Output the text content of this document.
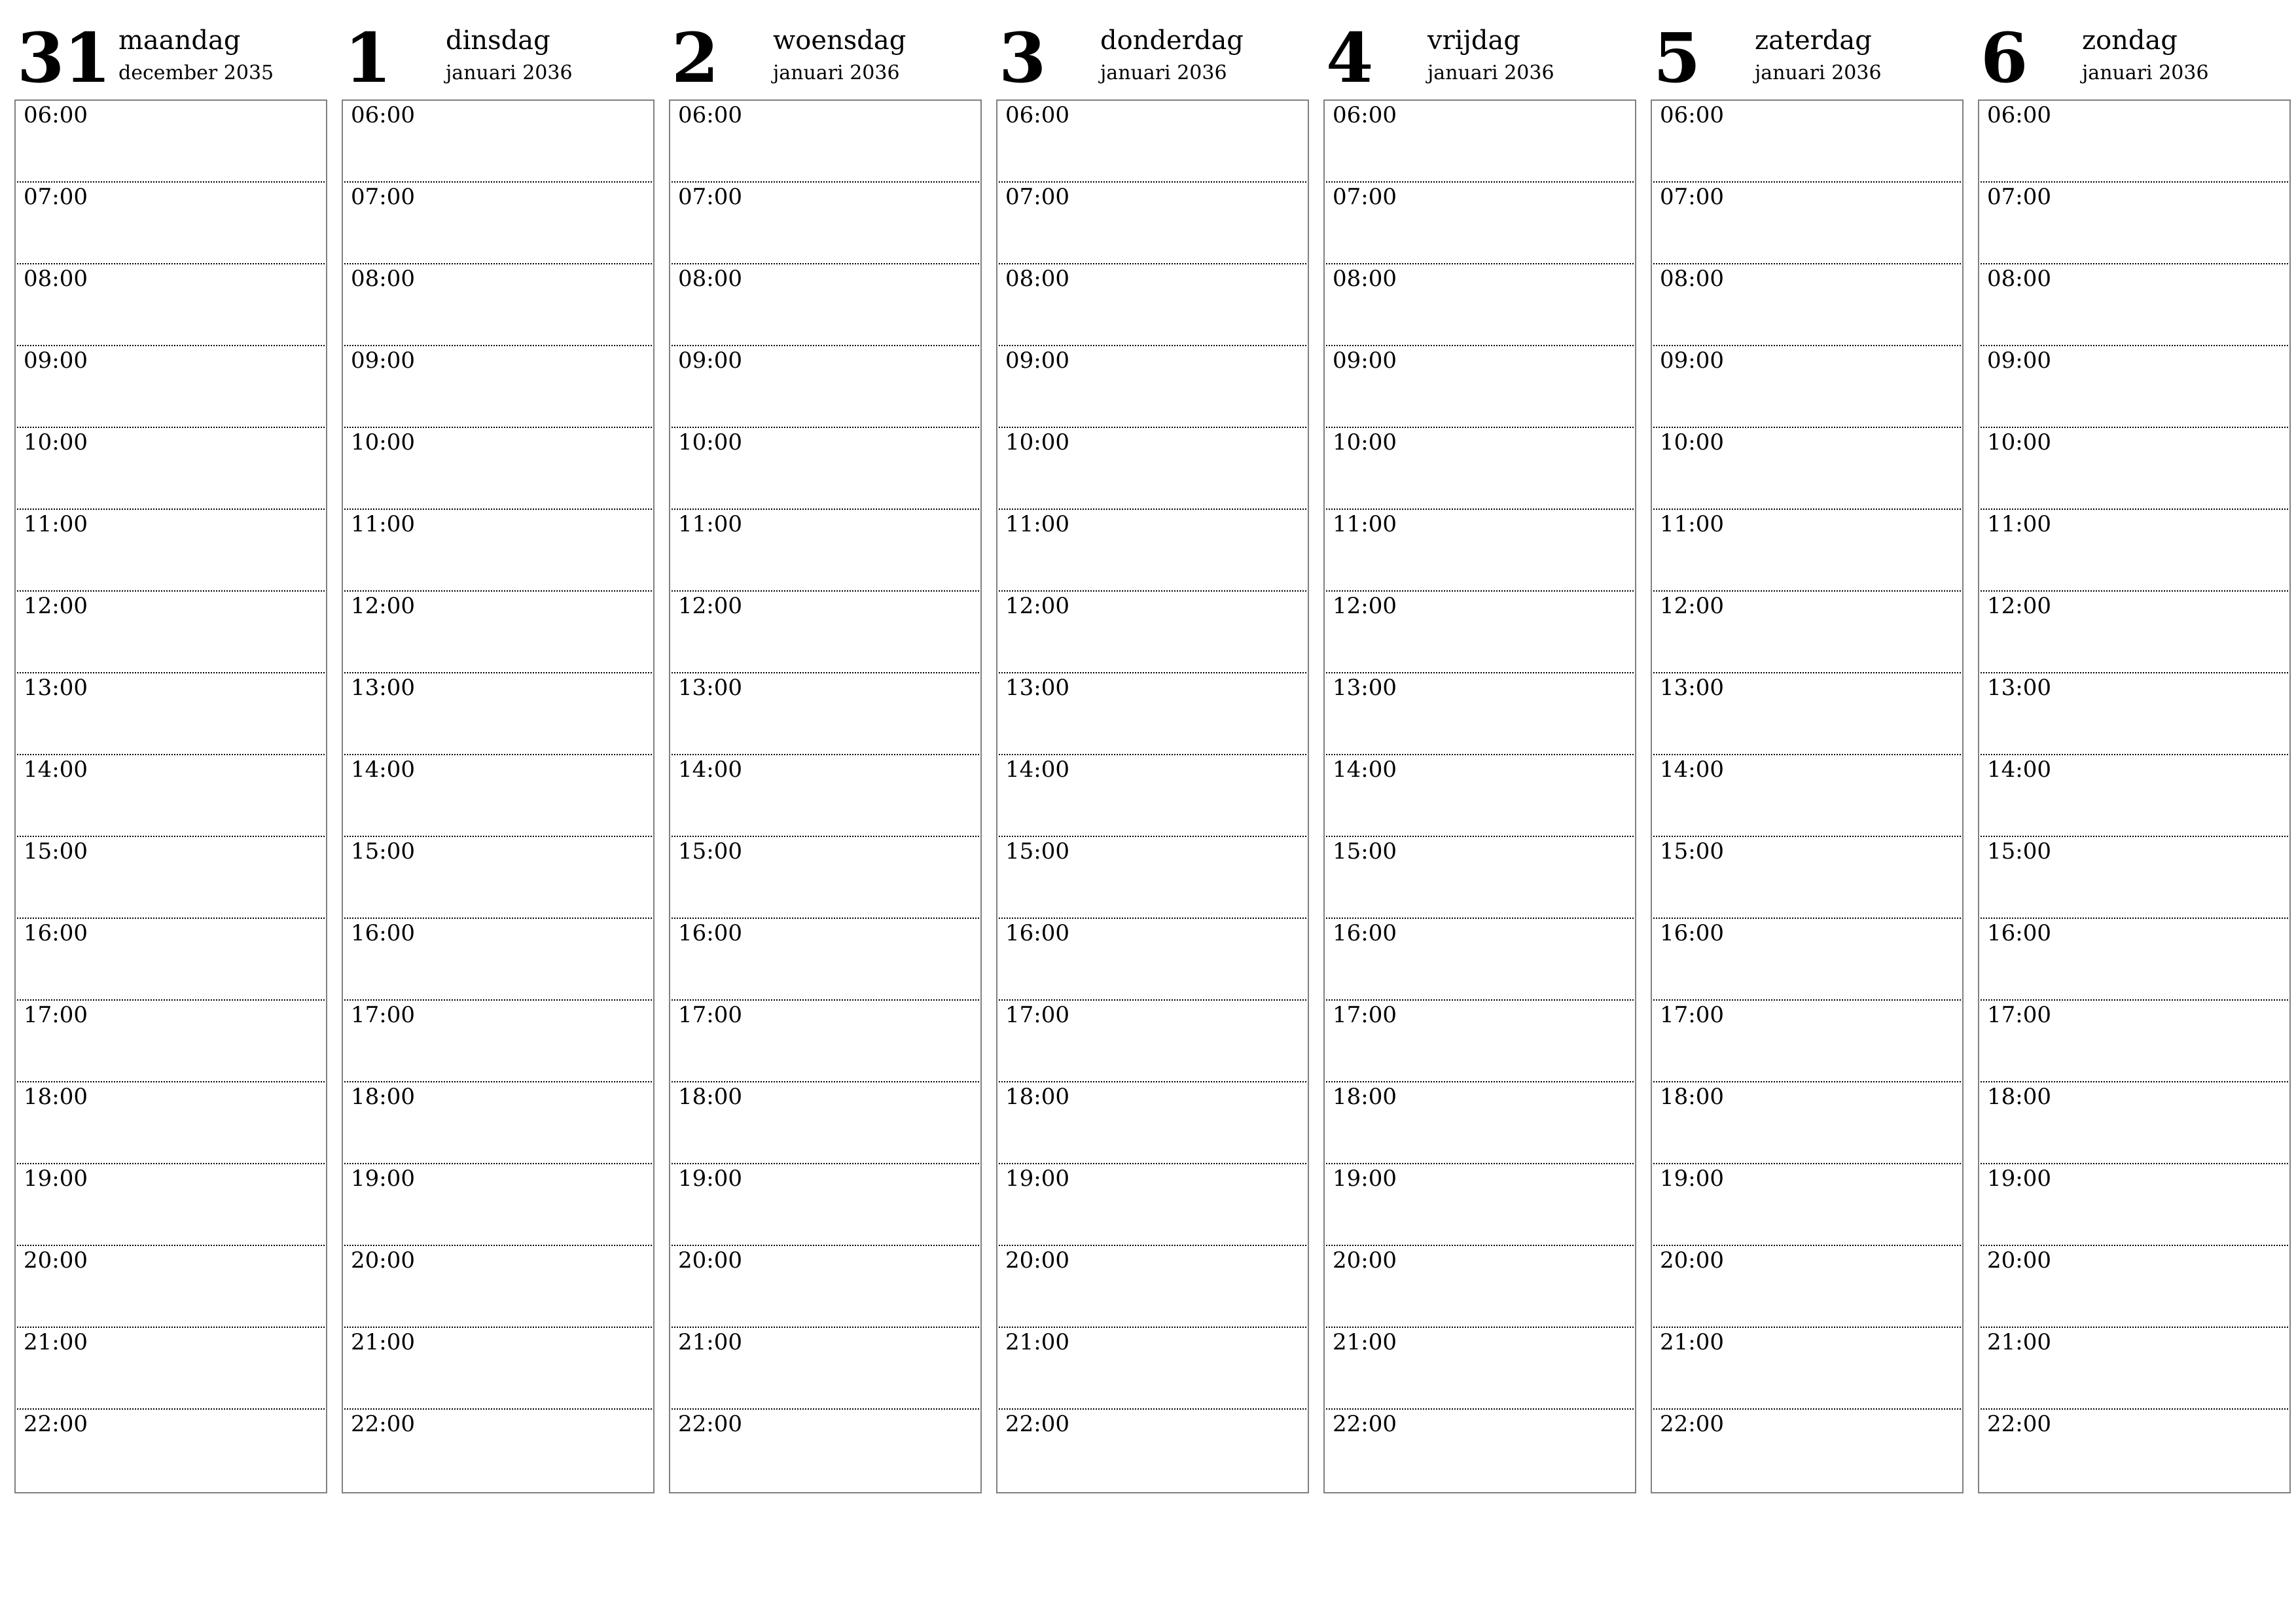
31 maandag
december 2035
06:00
07:00
08:00
09:00
10:00
11:00
12:00
13:00
14:00
15:00
16:00
17:00
18:00
19:00
20:00
21:00
22:00
1 dinsdag
januari 2036
06:00
07:00
08:00
09:00
10:00
11:00
12:00
13:00
14:00
15:00
16:00
17:00
18:00
19:00
20:00
21:00
22:00
2 woensdag
januari 2036
06:00
07:00
08:00
09:00
10:00
11:00
12:00
13:00
14:00
15:00
16:00
17:00
18:00
19:00
20:00
21:00
22:00
3 donderdag
januari 2036
06:00
07:00
08:00
09:00
10:00
11:00
12:00
13:00
14:00
15:00
16:00
17:00
18:00
19:00
20:00
21:00
22:00
4 vrijdag
januari 2036
06:00
07:00
08:00
09:00
10:00
11:00
12:00
13:00
14:00
15:00
16:00
17:00
18:00
19:00
20:00
21:00
22:00
5 zaterdag
januari 2036
06:00
07:00
08:00
09:00
10:00
11:00
12:00
13:00
14:00
15:00
16:00
17:00
18:00
19:00
20:00
21:00
22:00
6 zondag
januari 2036
06:00
07:00
08:00
09:00
10:00
11:00
12:00
13:00
14:00
15:00
16:00
17:00
18:00
19:00
20:00
21:00
22:00
